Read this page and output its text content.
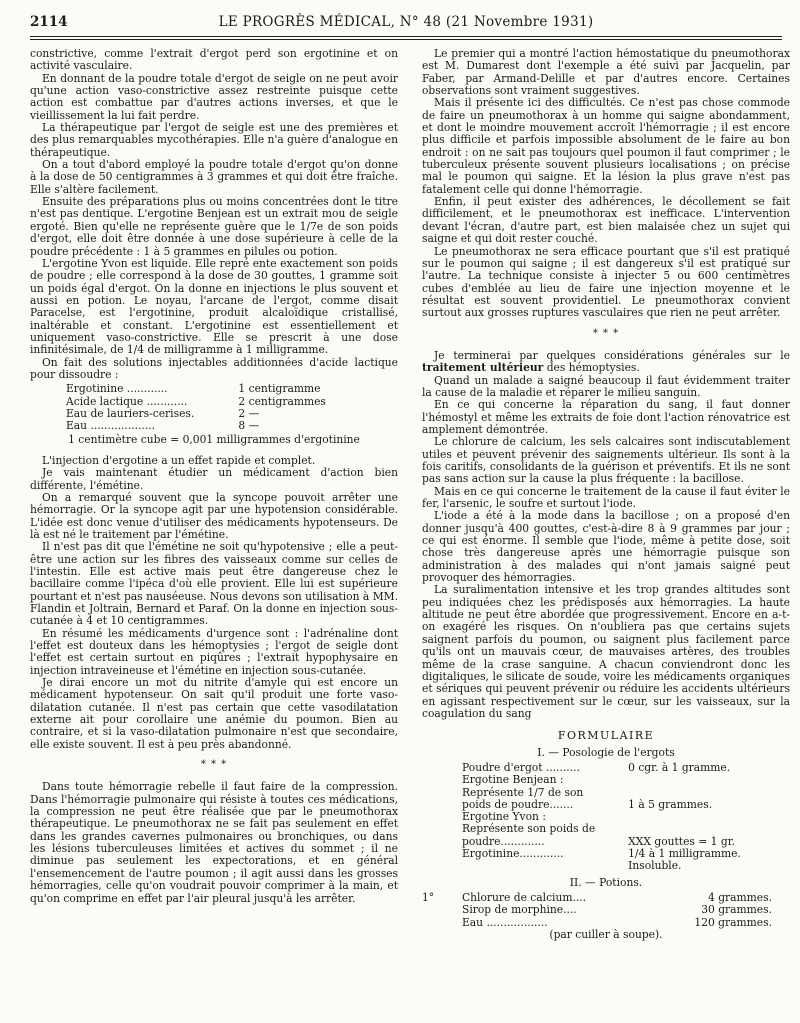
2114	LE PROGRÈS MÉDICAL, N° 48 (21 Novembre 1931)

constrictive, comme l'extrait d'ergot perd son ergotinine et on activité vasculaire.

En donnant de la poudre totale d'ergot de seigle on ne peut avoir qu'une action vaso-constrictive assez restreinte puisque cette action est combattue par d'autres actions inverses, et que le vieillissement la lui fait perdre.

La thérapeutique par l'ergot de seigle est une des premières et des plus remarquables mycothérapies. Elle n'a guère d'analogue en thérapeutique.

On a tout d'abord employé la poudre totale d'ergot qu'on donne à la dose de 50 centigrammes à 3 grammes et qui doit être fraîche. Elle s'altère facilement.

Ensuite des préparations plus ou moins concentrées dont le titre n'est pas dentique. L'ergotine Benjean est un extrait mou de seigle ergoté. Bien qu'elle ne représente guère que le 1/7e de son poids d'ergot, elle doit être donnée à une dose supérieure à celle de la poudre précédente : 1 à 5 grammes en pilules ou potion.

L'ergotine Yvon est liquide. Elle repré ente exactement son poids de poudre ; elle correspond à la dose de 30 gouttes, 1 gramme soit un poids égal d'ergot. On la donne en injections le plus souvent et aussi en potion. Le noyau, l'arcane de l'ergot, comme disait Paracelse, est l'ergotinine, produit alcaloïdique cristallisé, inaltérable et constant. L'ergotinine est essentiellement et uniquement vaso-constrictive. Elle se prescrit à une dose infinitésimale, de 1/4 de milligramme à 1 milligramme.

On fait des solutions injectables additionnées d'acide lactique pour dissoudre :

Ergotinine ............	1 centigramme
Acide lactique ............	2 centigrammes
Eau de lauriers-cerises.	2 —
Eau ...................	8 —
1 centimètre cube = 0,001 milligrammes d'ergotinine

L'injection d'ergotine a un effet rapide et complet.

Je vais maintenant étudier un médicament d'action bien différente, l'émétine.

On a remarqué souvent que la syncope pouvoit arrêter une hémorragie. Or la syncope agit par une hypotension considérable. L'idée est donc venue d'utiliser des médicaments hypotenseurs. De là est né le traitement par l'émétine.

Il n'est pas dit que l'émétine ne soit qu'hypotensive ; elle a peut-être une action sur les fibres des vaisseaux comme sur celles de l'intestin. Elle est active mais peut être dangereuse chez le bacillaire comme l'ipéca d'où elle provient. Elle lui est supérieure pourtant et n'est pas nauséeuse. Nous devons son utilisation à MM. Flandin et Joltrain, Bernard et Paraf. On la donne en injection sous-cutanée à 4 et 10 centigrammes.

En résumé les médicaments d'urgence sont : l'adrénaline dont l'effet est douteux dans les hémoptysies ; l'ergot de seigle dont l'effet est certain surtout en piqûres ; l'extrait hypophysaire en injection intraveineuse et l'émétine en injection sous-cutanée.

Je dirai encore un mot du nitrite d'amyle qui est encore un médicament hypotenseur. On sait qu'il produit une forte vaso-dilatation cutanée. Il n'est pas certain que cette vasodilatation externe ait pour corollaire une anémie du poumon. Bien au contraire, et si la vaso-dilatation pulmonaire n'est que secondaire, elle existe souvent. Il est à peu près abandonné.

* * *

Dans toute hémorragie rebelle il faut faire de la compression. Dans l'hémorragie pulmonaire qui résiste à toutes ces médications, la compression ne peut être réalisée que par le pneumothorax thérapeutique. Le pneumothorax ne se fait pas seulement en effet dans les grandes cavernes pulmonaires ou bronchiques, ou dans les lésions tuberculeuses limitées et actives du sommet ; il ne diminue pas seulement les expectorations, et en général l'ensemencement de l'autre poumon ; il agit aussi dans les grosses hémorragies, celle qu'on voudrait pouvoir comprimer à la main, et qu'on comprime en effet par l'air pleural jusqu'à les arrêter.

Le premier qui a montré l'action hémostatique du pneumothorax est M. Dumarest dont l'exemple a été suivi par Jacquelin, par Faber, par Armand-Delille et par d'autres encore. Certaines observations sont vraiment suggestives.

Mais il présente ici des difficultés. Ce n'est pas chose commode de faire un pneumothorax à un homme qui saigne abondamment, et dont le moindre mouvement accroît l'hémorragie ; il est encore plus difficile et parfois impossible absolument de le faire au bon endroit : on ne sait pas toujours quel poumon il faut comprimer ; le tuberculeux présente souvent plusieurs localisations ; on précise mal le poumon qui saigne. Et la lésion la plus grave n'est pas fatalement celle qui donne l'hémorragie.

Enfin, il peut exister des adhérences, le décollement se fait difficilement, et le pneumothorax est inefficace. L'intervention devant l'écran, d'autre part, est bien malaisée chez un sujet qui saigne et qui doit rester couché.

Le pneumothorax ne sera efficace pourtant que s'il est pratiqué sur le poumon qui saigne ; il est dangereux s'il est pratiqué sur l'autre. La technique consiste à injecter 5 ou 600 centimètres cubes d'emblée au lieu de faire une injection moyenne et le résultat est souvent providentiel. Le pneumothorax convient surtout aux grosses ruptures vasculaires que rien ne peut arrêter.

* * *

Je terminerai par quelques considérations générales sur le traitement ultérieur des hémoptysies.

Quand un malade a saigné beaucoup il faut évidemment traiter la cause de la maladie et réparer le milieu sanguin.

En ce qui concerne la réparation du sang, il faut donner l'hémostyl et même les extraits de foie dont l'action rénovatrice est amplement démontrée.

Le chlorure de calcium, les sels calcaires sont indiscutablement utiles et peuvent prévenir des saignements ultérieur. Ils sont à la fois caritifs, consolidants de la guérison et préventifs. Et ils ne sont pas sans action sur la cause la plus fréquente : la bacillose.

Mais en ce qui concerne le traitement de la cause il faut éviter le fer, l'arsenic, le soufre et surtout l'iode.

L'iode a été à la mode dans la bacillose ; on a proposé d'en donner jusqu'à 400 gouttes, c'est-à-dire 8 à 9 grammes par jour ; ce qui est énorme. Il semble que l'iode, même à petite dose, soit chose très dangereuse après une hémorragie puisque son administration à des malades qui n'ont jamais saigné peut provoquer des hémorragies.

La suralimentation intensive et les trop grandes altitudes sont peu indiquées chez les prédisposés aux hémorragies. La haute altitude ne peut être abordée que progressivement. Encore en a-t-on exagéré les risques. On n'oubliera pas que certains sujets saignent parfois du poumon, ou saignent plus facilement parce qu'ils ont un mauvais cœur, de mauvaises artères, des troubles même de la crase sanguine. A chacun conviendront donc les digitaliques, le silicate de soude, voire les médicaments organiques et sériques qui peuvent prévenir ou réduire les accidents ultérieurs en agissant respectivement sur le cœur, sur les vaisseaux, sur la coagulation du sang

FORMULAIRE
I. — Posologie de l'ergots
Poudre d'ergot ..........	0 cgr. à 1 gramme.
Ergotine Benjean :	
Représente 1/7 de son	
poids de poudre.......	1 à 5 grammes.
Ergotine Yvon :	
Représente son poids de	
poudre.............	XXX gouttes = 1 gr.
Ergotinine.............	1/4 à 1 milligramme.
	Insoluble.
II. — Potions.
1°	Chlorure de calcium....	4 grammes.
	Sirop de morphine....	30 grammes.
	Eau ..................	120 grammes.
(par cuiller à soupe).
